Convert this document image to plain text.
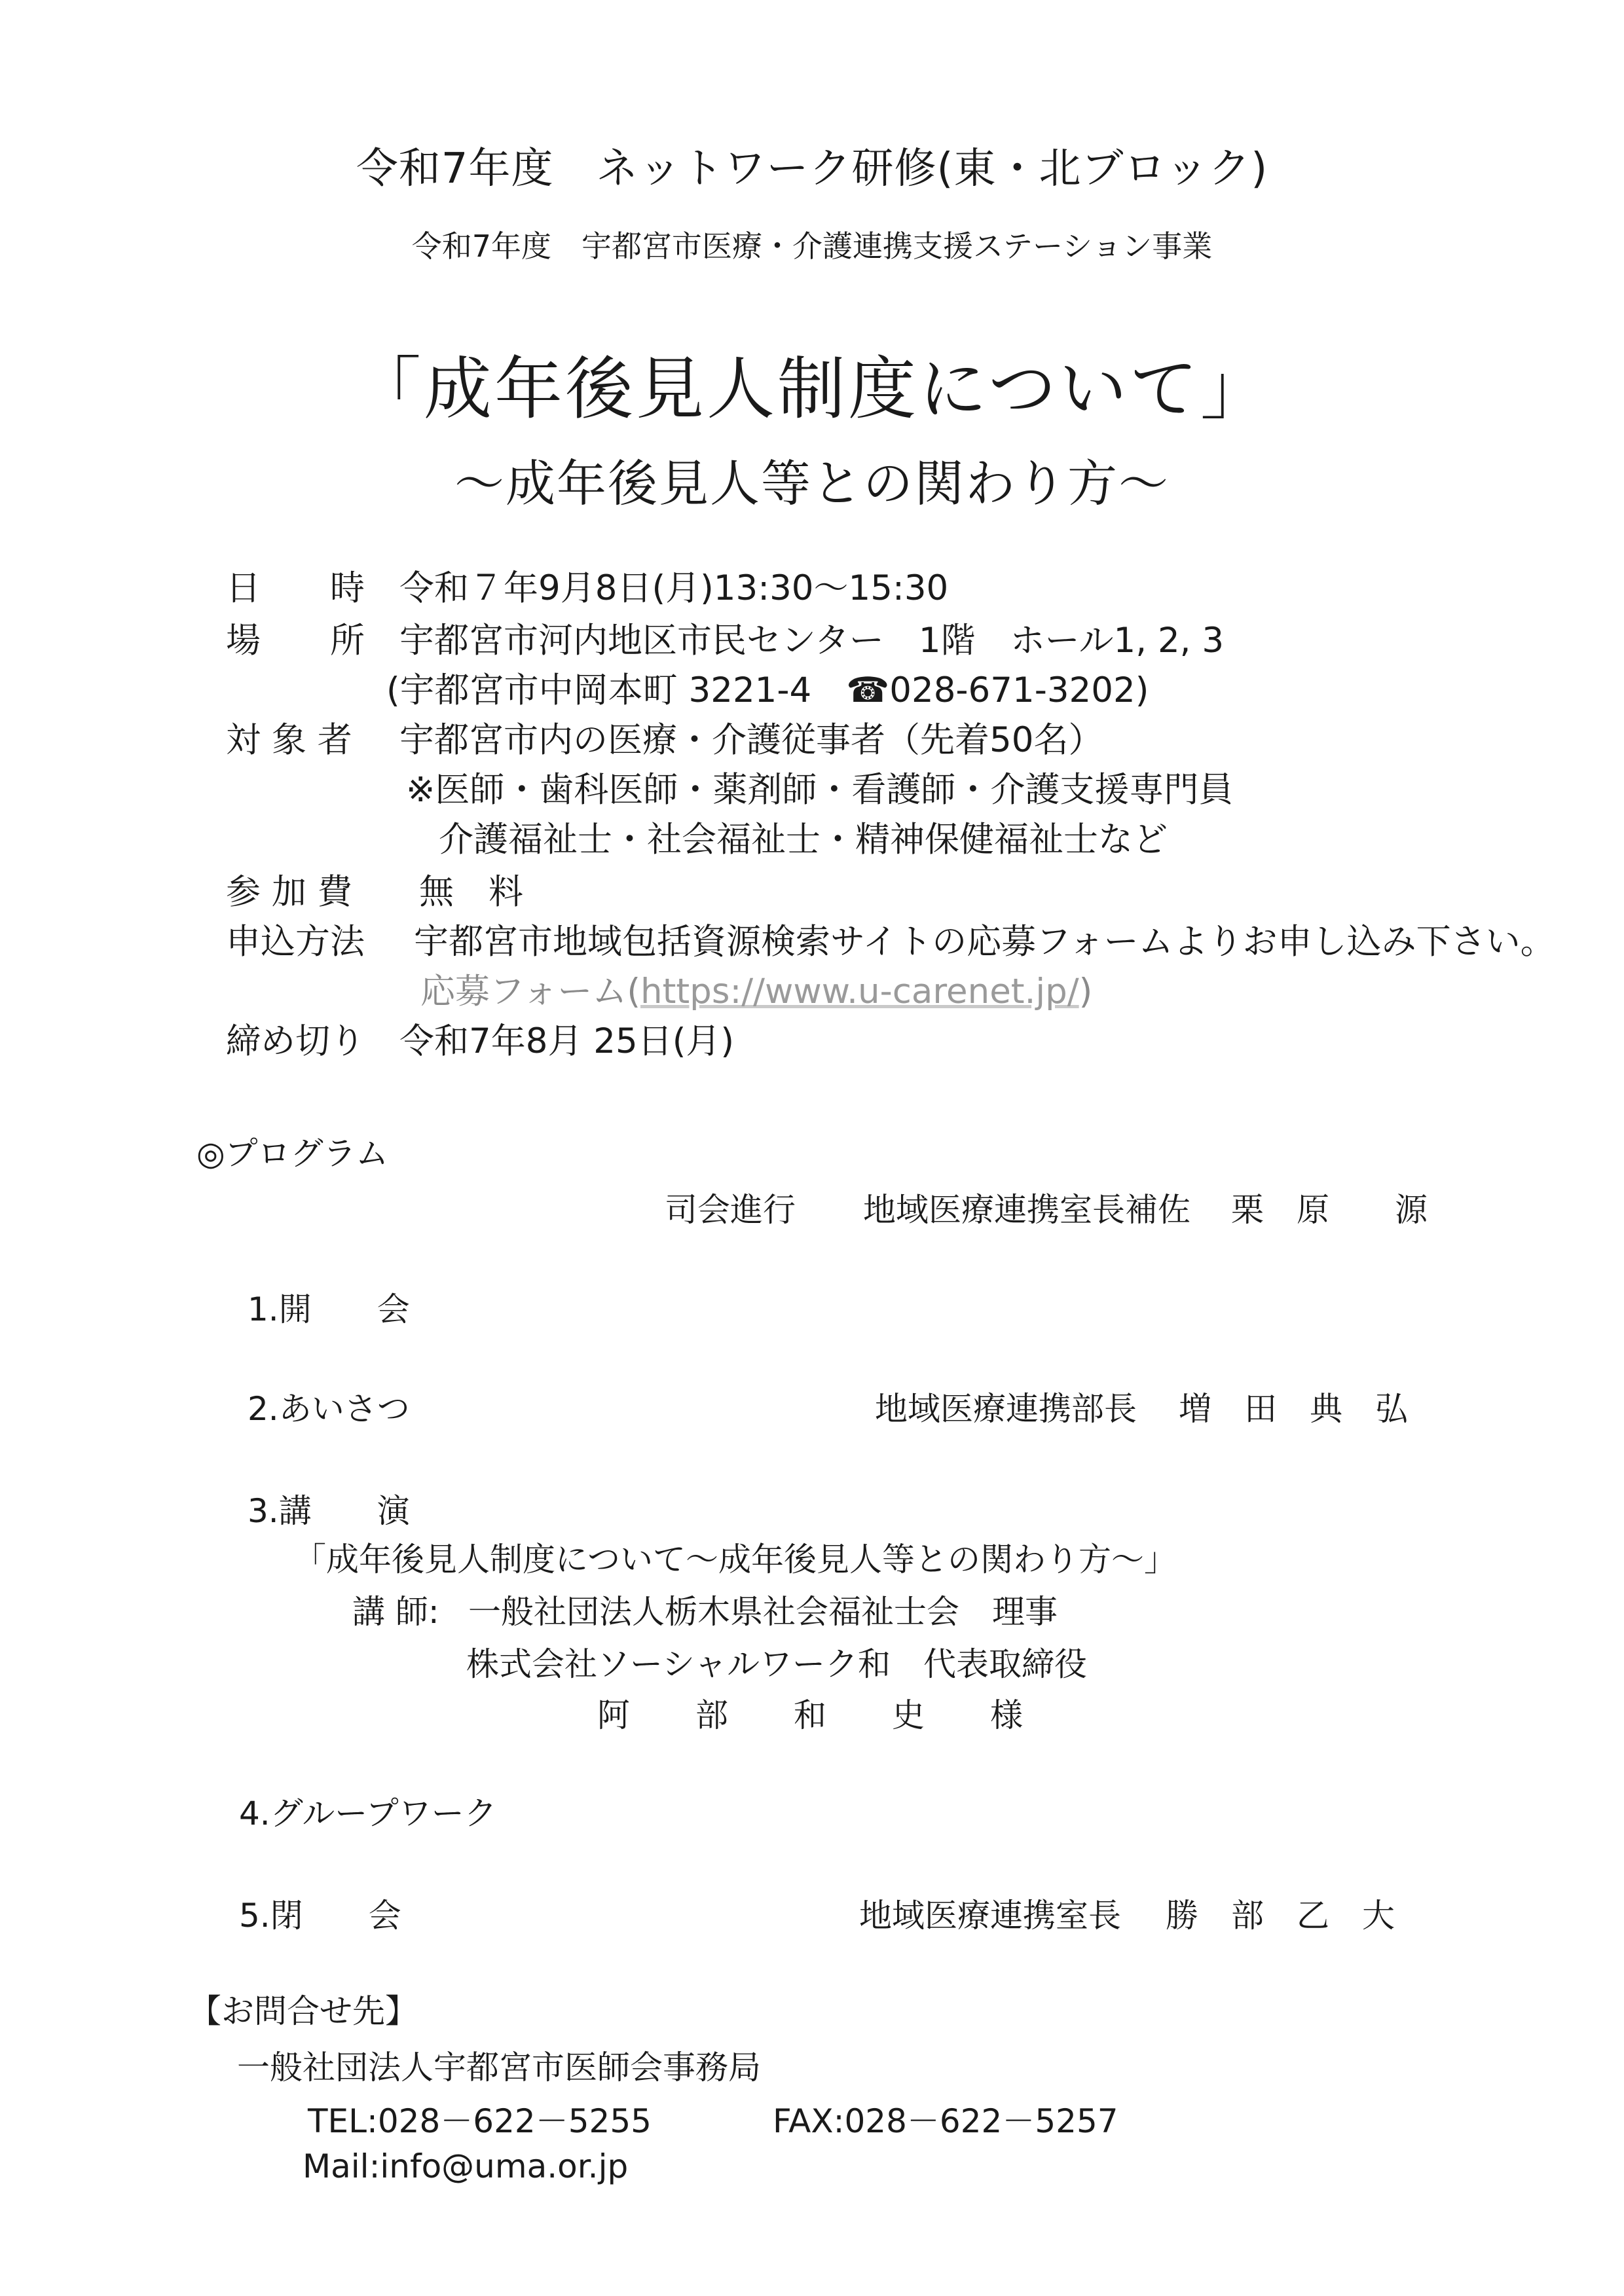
令和7年度　ネットワーク研修(東・北ブロック)
令和7年度　宇都宮市医療・介護連携支援ステーション事業
「成年後見人制度について」
～成年後見人等との関わり方～
日　　時 令和７年9月8日(月)13:30～15:30
場　　所 宇都宮市河内地区市民センター　1階　ホール1, 2, 3
(宇都宮市中岡本町 3221-4　☎028-671-3202)
対 象 者 宇都宮市内の医療・介護従事者（先着50名）
※医師・歯科医師・薬剤師・看護師・介護支援専門員
介護福祉士・社会福祉士・精神保健福祉士など
参 加 費 無　料
申込方法 宇都宮市地域包括資源検索サイトの応募フォームよりお申し込み下さい。
応募フォーム(https://www.u-carenet.jp/)
締め切り 令和7年8月 25日(月)
◎プログラム
司会進行 地域医療連携室長補佐 栗　原　　源
1.開　　会
2.あいさつ	地域医療連携部長 増　田　典　弘
3.講　　演
「成年後見人制度について～成年後見人等との関わり方～」
講 師: 一般社団法人栃木県社会福祉士会　理事
株式会社ソーシャルワーク和　代表取締役
阿　　部　　和　　史　　様
4.グループワーク
5.閉　　会	地域医療連携室長 勝　部　乙　大
【お問合せ先】
一般社団法人宇都宮市医師会事務局
TEL:028－622－5255	FAX:028－622－5257
Mail:info@uma.or.jp
